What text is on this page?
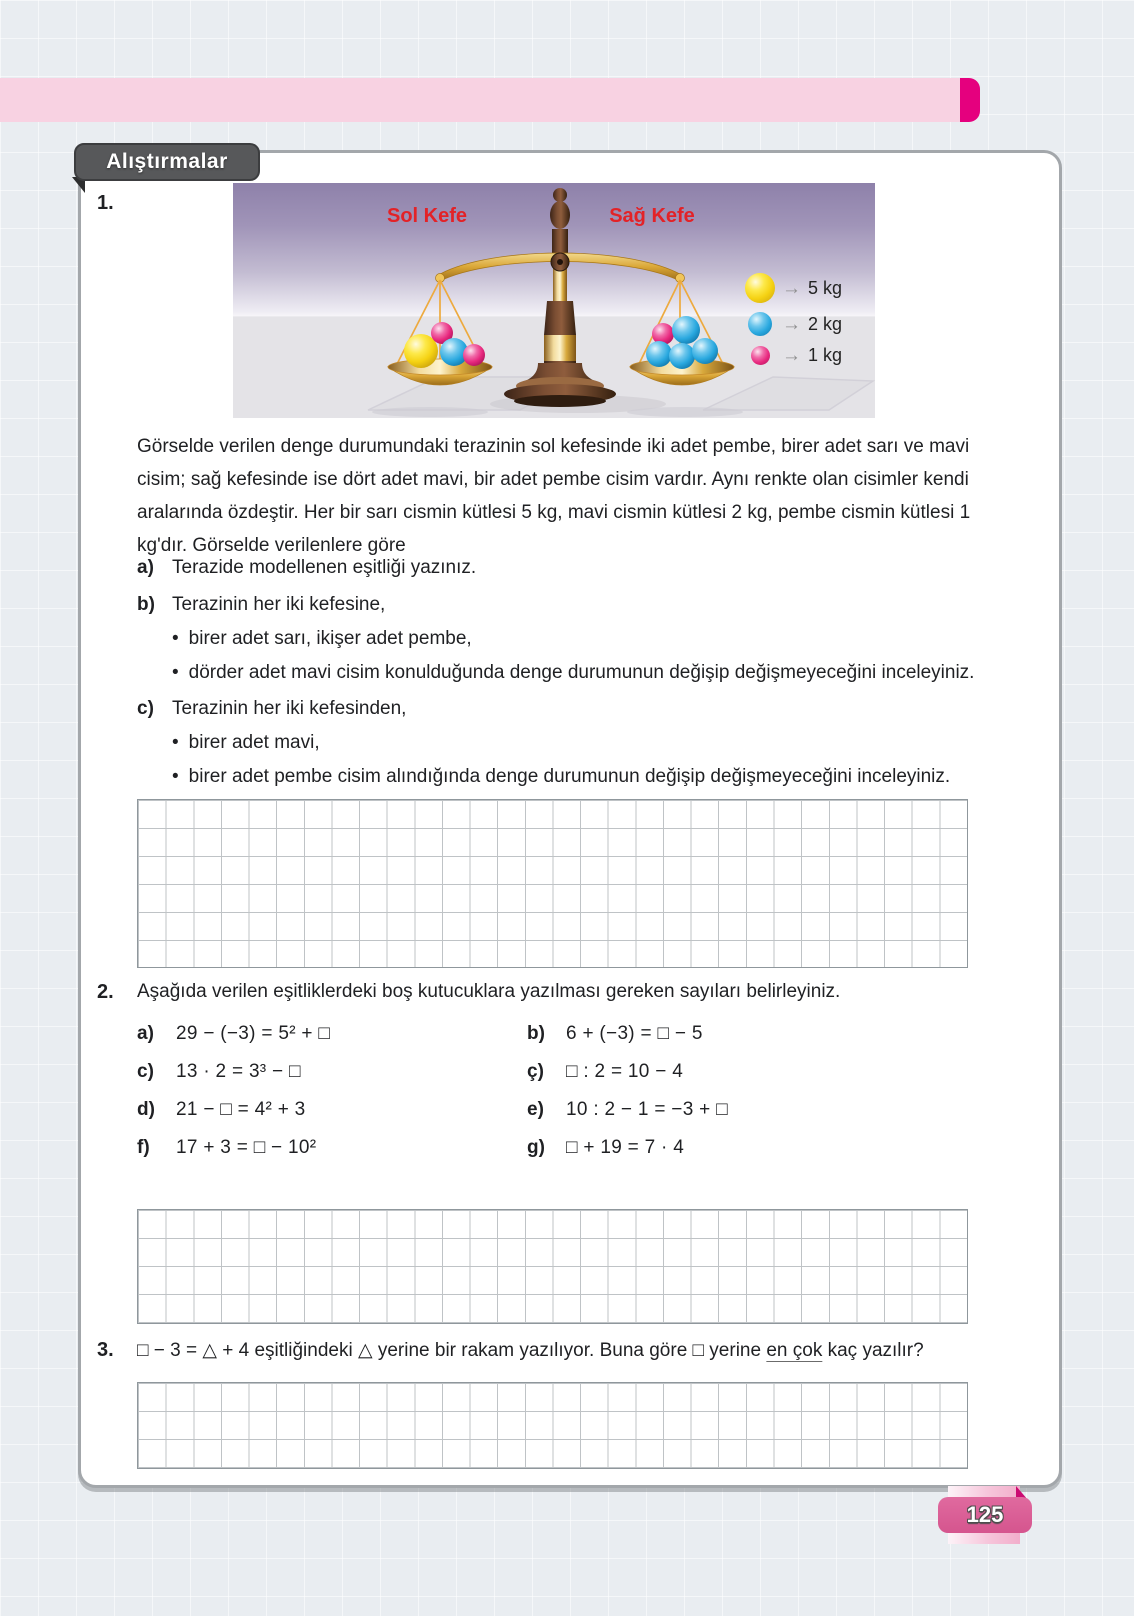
Alıştırmalar
1.
Sol Kefe	Sağ Kefe
→ 5 kg
→ 2 kg
→ 1 kg
Görselde verilen denge durumundaki terazinin sol kefesinde iki adet pembe, birer adet sarı ve mavi cisim; sağ kefesinde ise dört adet mavi, bir adet pembe cisim vardır. Aynı renkte olan cisimler kendi aralarında özdeştir. Her bir sarı cismin kütlesi 5 kg, mavi cismin kütlesi 2 kg, pembe cismin kütlesi 1 kg'dır. Görselde verilenlere göre
a) Terazide modellenen eşitliği yazınız.
b) Terazinin her iki kefesine,
• birer adet sarı, ikişer adet pembe,
• dörder adet mavi cisim konulduğunda denge durumunun değişip değişmeyeceğini inceleyiniz.
c) Terazinin her iki kefesinden,
• birer adet mavi,
• birer adet pembe cisim alındığında denge durumunun değişip değişmeyeceğini inceleyiniz.
2. Aşağıda verilen eşitliklerdeki boş kutucuklara yazılması gereken sayıları belirleyiniz.
a)	29 − (−3) = 5² + □	b)	6 + (−3) = □ − 5
c)	13 · 2 = 3³ − □	ç)	□ : 2 = 10 − 4
d)	21 − □ = 4² + 3	e)	10 : 2 − 1 = −3 + □
f)	17 + 3 = □ − 10²	g)	□ + 19 = 7 · 4
3. □ − 3 = △ + 4 eşitliğindeki △ yerine bir rakam yazılıyor. Buna göre □ yerine en çok kaç yazılır?
125
